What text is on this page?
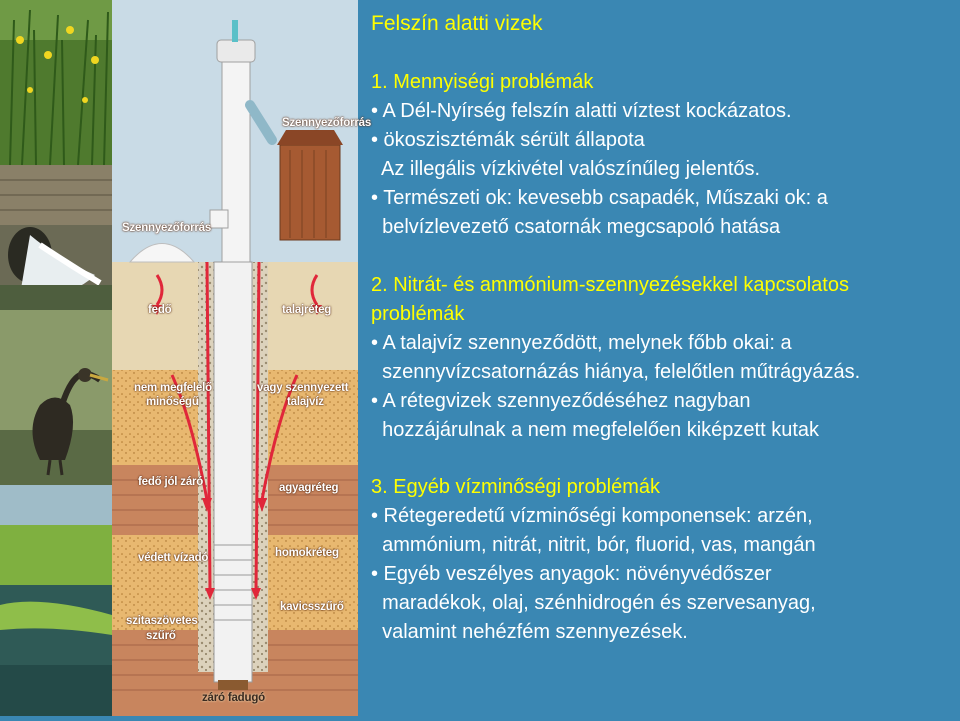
Szennyezőforrás
Szennyezőforrás
fedő	talajréteg
nem megfelelő
minőségű
vagy szennyezett
talajvíz
fedő jól záró	agyagréteg
védett vízadó	homokréteg
kavicsszűrő
szitaszövetes
szűrő
záró fadugó

Felszín alatti vizek

1. Mennyiségi problémák

• A Dél-Nyírség felszín alatti víztest kockázatos.

• ökoszisztémák sérült állapota

Az illegális vízkivétel valószínűleg jelentős.

• Természeti ok: kevesebb csapadék, Műszaki ok: a

belvízlevezető csatornák megcsapoló hatása

2. Nitrát- és ammónium-szennyezésekkel kapcsolatos

problémák

• A talajvíz szennyeződött, melynek főbb okai: a

szennyvízcsatornázás hiánya, felelőtlen műtrágyázás.

• A rétegvizek szennyeződéséhez nagyban

hozzájárulnak a nem megfelelően kiképzett kutak

3. Egyéb vízminőségi problémák

• Rétegeredetű vízminőségi komponensek: arzén,

ammónium, nitrát, nitrit, bór, fluorid, vas, mangán

• Egyéb veszélyes anyagok: növényvédőszer

maradékok, olaj, szénhidrogén és szervesanyag,

valamint nehézfém szennyezések.
